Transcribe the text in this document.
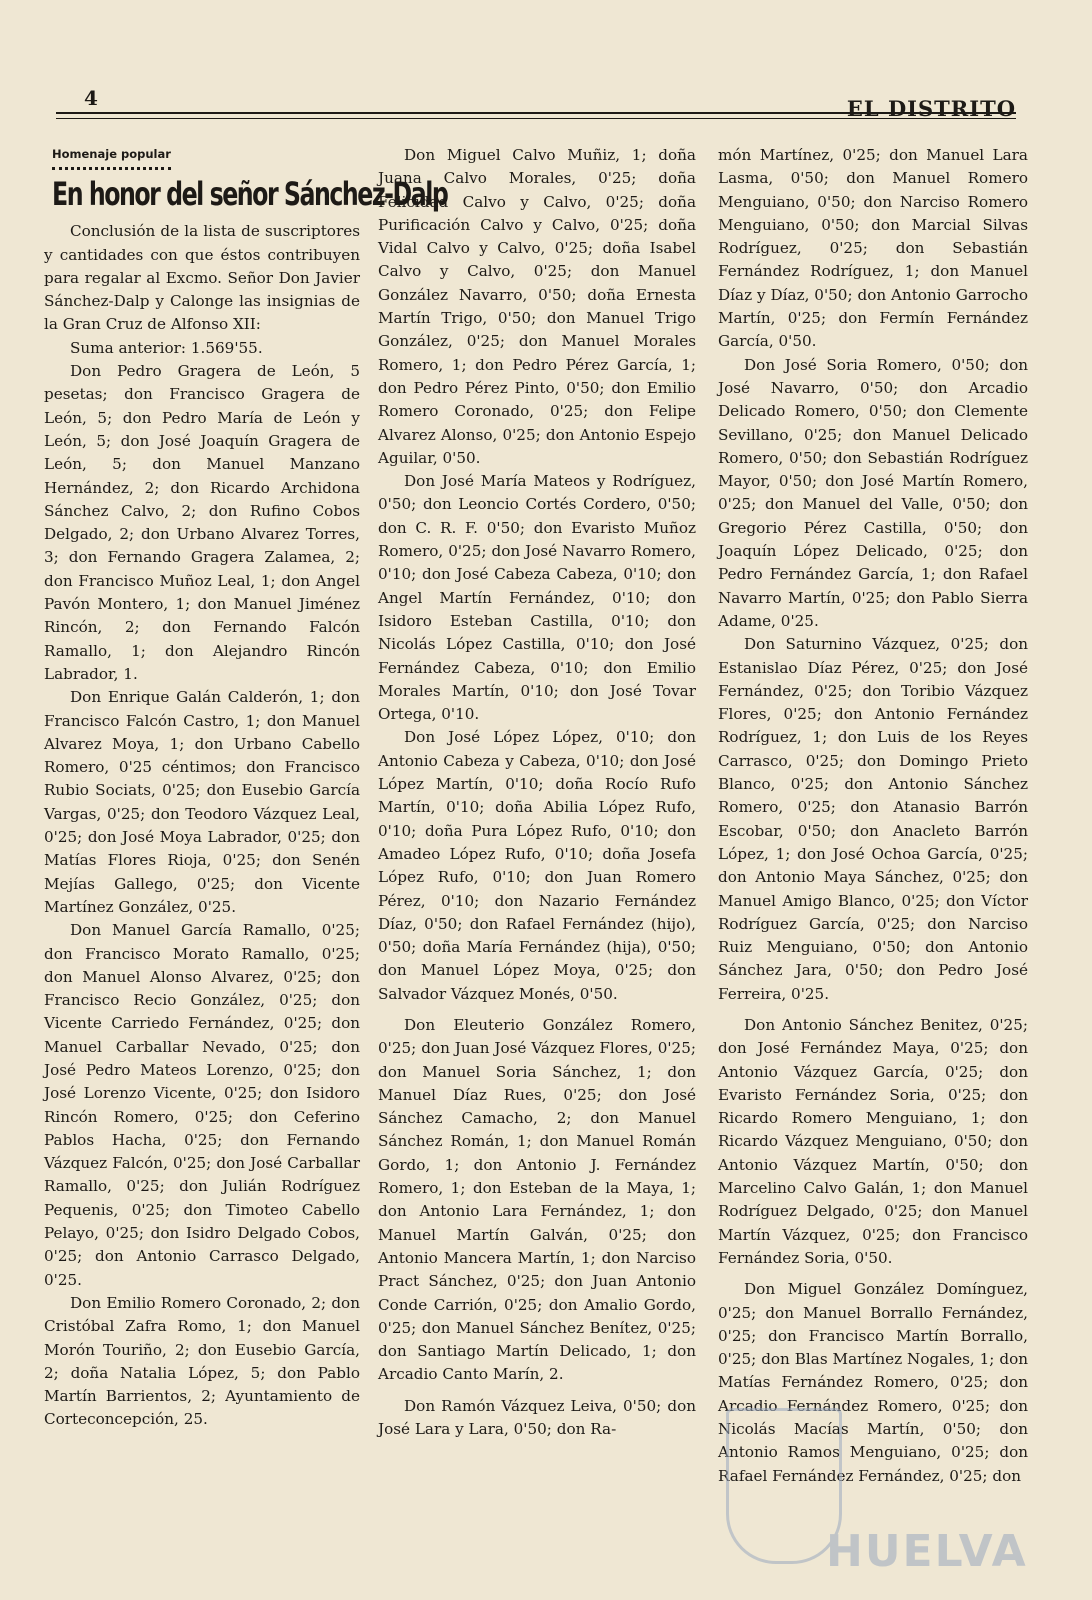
4	EL DISTRITO
Homenaje popular
En honor del señor Sánchez-Dalp

Conclusión de la lista de suscriptores y cantidades con que éstos contribuyen para regalar al Excmo. Señor Don Javier Sánchez-Dalp y Calonge las insignias de la Gran Cruz de Alfonso XII:

Suma anterior: 1.569'55.

Don Pedro Gragera de León, 5 pesetas; don Francisco Gragera de León, 5; don Pedro María de León y León, 5; don José Joaquín Gragera de León, 5; don Manuel Manzano Hernández, 2; don Ricardo Archidona Sánchez Calvo, 2; don Rufino Cobos Delgado, 2; don Urbano Alvarez Torres, 3; don Fernando Gragera Zalamea, 2; don Francisco Muñoz Leal, 1; don Angel Pavón Montero, 1; don Manuel Jiménez Rincón, 2; don Fernando Falcón Ramallo, 1; don Alejandro Rincón Labrador, 1.

Don Enrique Galán Calderón, 1; don Francisco Falcón Castro, 1; don Manuel Alvarez Moya, 1; don Urbano Cabello Romero, 0'25 céntimos; don Francisco Rubio Sociats, 0'25; don Eusebio García Vargas, 0'25; don Teodoro Vázquez Leal, 0'25; don José Moya Labrador, 0'25; don Matías Flores Rioja, 0'25; don Senén Mejías Gallego, 0'25; don Vicente Martínez González, 0'25.

Don Manuel García Ramallo, 0'25; don Francisco Morato Ramallo, 0'25; don Manuel Alonso Alvarez, 0'25; don Francisco Recio González, 0'25; don Vicente Carriedo Fernández, 0'25; don Manuel Carballar Nevado, 0'25; don José Pedro Mateos Lorenzo, 0'25; don José Lorenzo Vicente, 0'25; don Isidoro Rincón Romero, 0'25; don Ceferino Pablos Hacha, 0'25; don Fernando Vázquez Falcón, 0'25; don José Carballar Ramallo, 0'25; don Julián Rodríguez Pequenis, 0'25; don Timoteo Cabello Pelayo, 0'25; don Isidro Delgado Cobos, 0'25; don Antonio Carrasco Delgado, 0'25.

Don Emilio Romero Coronado, 2; don Cristóbal Zafra Romo, 1; don Manuel Morón Touriño, 2; don Eusebio García, 2; doña Natalia López, 5; don Pablo Martín Barrientos, 2; Ayuntamiento de Corteconcepción, 25.

Don Miguel Calvo Muñiz, 1; doña Juana Calvo Morales, 0'25; doña Felicidad Calvo y Calvo, 0'25; doña Purificación Calvo y Calvo, 0'25; doña Vidal Calvo y Calvo, 0'25; doña Isabel Calvo y Calvo, 0'25; don Manuel González Navarro, 0'50; doña Ernesta Martín Trigo, 0'50; don Manuel Trigo González, 0'25; don Manuel Morales Romero, 1; don Pedro Pérez García, 1; don Pedro Pérez Pinto, 0'50; don Emilio Romero Coronado, 0'25; don Felipe Alvarez Alonso, 0'25; don Antonio Espejo Aguilar, 0'50.

Don José María Mateos y Rodríguez, 0'50; don Leoncio Cortés Cordero, 0'50; don C. R. F. 0'50; don Evaristo Muñoz Romero, 0'25; don José Navarro Romero, 0'10; don José Cabeza Cabeza, 0'10; don Angel Martín Fernández, 0'10; don Isidoro Esteban Castilla, 0'10; don Nicolás López Castilla, 0'10; don José Fernández Cabeza, 0'10; don Emilio Morales Martín, 0'10; don José Tovar Ortega, 0'10.

Don José López López, 0'10; don Antonio Cabeza y Cabeza, 0'10; don José López Martín, 0'10; doña Rocío Rufo Martín, 0'10; doña Abilia López Rufo, 0'10; doña Pura López Rufo, 0'10; don Amadeo López Rufo, 0'10; doña Josefa López Rufo, 0'10; don Juan Romero Pérez, 0'10; don Nazario Fernández Díaz, 0'50; don Rafael Fernández (hijo), 0'50; doña María Fernández (hija), 0'50; don Manuel López Moya, 0'25; don Salvador Vázquez Monés, 0'50.

Don Eleuterio González Romero, 0'25; don Juan José Vázquez Flores, 0'25; don Manuel Soria Sánchez, 1; don Manuel Díaz Rues, 0'25; don José Sánchez Camacho, 2; don Manuel Sánchez Román, 1; don Manuel Román Gordo, 1; don Antonio J. Fernández Romero, 1; don Esteban de la Maya, 1; don Antonio Lara Fernández, 1; don Manuel Martín Galván, 0'25; don Antonio Mancera Martín, 1; don Narciso Pract Sánchez, 0'25; don Juan Antonio Conde Carrión, 0'25; don Amalio Gordo, 0'25; don Manuel Sánchez Benítez, 0'25; don Santiago Martín Delicado, 1; don Arcadio Canto Marín, 2.

Don Ramón Vázquez Leiva, 0'50; don José Lara y Lara, 0'50; don Ra-

món Martínez, 0'25; don Manuel Lara Lasma, 0'50; don Manuel Romero Menguiano, 0'50; don Narciso Romero Menguiano, 0'50; don Marcial Silvas Rodríguez, 0'25; don Sebastián Fernández Rodríguez, 1; don Manuel Díaz y Díaz, 0'50; don Antonio Garrocho Martín, 0'25; don Fermín Fernández García, 0'50.

Don José Soria Romero, 0'50; don José Navarro, 0'50; don Arcadio Delicado Romero, 0'50; don Clemente Sevillano, 0'25; don Manuel Delicado Romero, 0'50; don Sebastián Rodríguez Mayor, 0'50; don José Martín Romero, 0'25; don Manuel del Valle, 0'50; don Gregorio Pérez Castilla, 0'50; don Joaquín López Delicado, 0'25; don Pedro Fernández García, 1; don Rafael Navarro Martín, 0'25; don Pablo Sierra Adame, 0'25.

Don Saturnino Vázquez, 0'25; don Estanislao Díaz Pérez, 0'25; don José Fernández, 0'25; don Toribio Vázquez Flores, 0'25; don Antonio Fernández Rodríguez, 1; don Luis de los Reyes Carrasco, 0'25; don Domingo Prieto Blanco, 0'25; don Antonio Sánchez Romero, 0'25; don Atanasio Barrón Escobar, 0'50; don Anacleto Barrón López, 1; don José Ochoa García, 0'25; don Antonio Maya Sánchez, 0'25; don Manuel Amigo Blanco, 0'25; don Víctor Rodríguez García, 0'25; don Narciso Ruiz Menguiano, 0'50; don Antonio Sánchez Jara, 0'50; don Pedro José Ferreira, 0'25.

Don Antonio Sánchez Benitez, 0'25; don José Fernández Maya, 0'25; don Antonio Vázquez García, 0'25; don Evaristo Fernández Soria, 0'25; don Ricardo Romero Menguiano, 1; don Ricardo Vázquez Menguiano, 0'50; don Antonio Vázquez Martín, 0'50; don Marcelino Calvo Galán, 1; don Manuel Rodríguez Delgado, 0'25; don Manuel Martín Vázquez, 0'25; don Francisco Fernández Soria, 0'50.

Don Miguel González Domínguez, 0'25; don Manuel Borrallo Fernández, 0'25; don Francisco Martín Borrallo, 0'25; don Blas Martínez Nogales, 1; don Matías Fernández Romero, 0'25; don Arcadio Fernández Romero, 0'25; don Nicolás Macías Martín, 0'50; don Antonio Ramos Menguiano, 0'25; don Rafael Fernández Fernández, 0'25; don

HUELVA
